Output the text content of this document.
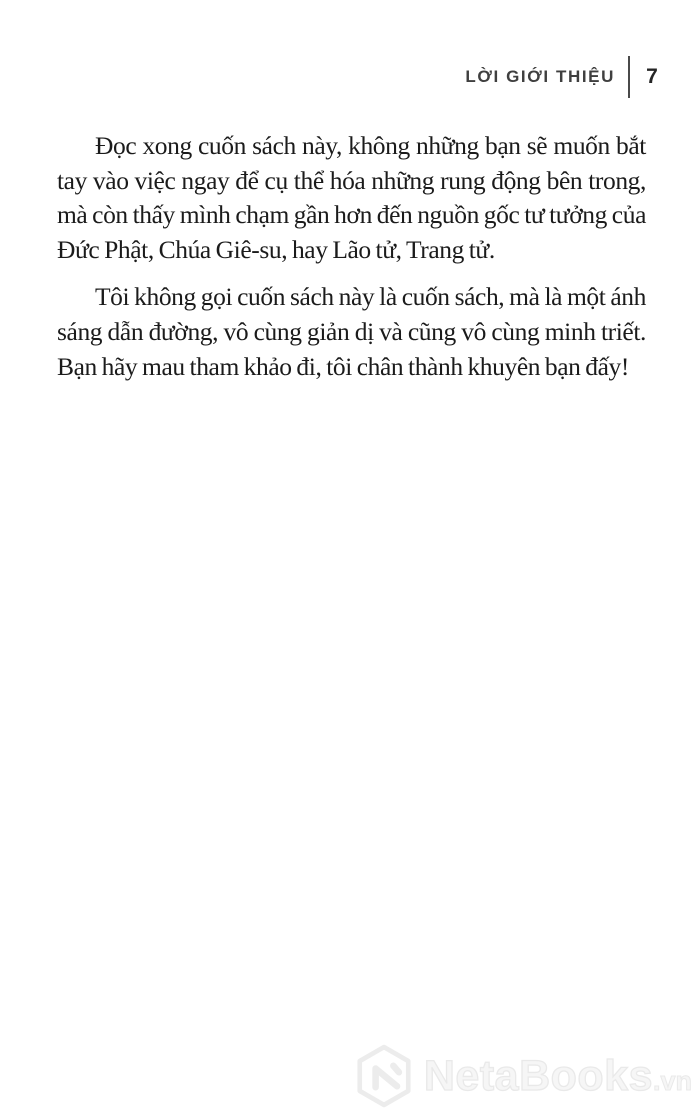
LỜI GIỚI THIỆU	7

Đọc xong cuốn sách này, không những bạn sẽ muốn bắt tay vào việc ngay để cụ thể hóa những rung động bên trong, mà còn thấy mình chạm gần hơn đến nguồn gốc tư tưởng của Đức Phật, Chúa Giê-su, hay Lão tử, Trang tử.

Tôi không gọi cuốn sách này là cuốn sách, mà là một ánh sáng dẫn đường, vô cùng giản dị và cũng vô cùng minh triết. Bạn hãy mau tham khảo đi, tôi chân thành khuyên bạn đấy!

NetaBooks.vn
